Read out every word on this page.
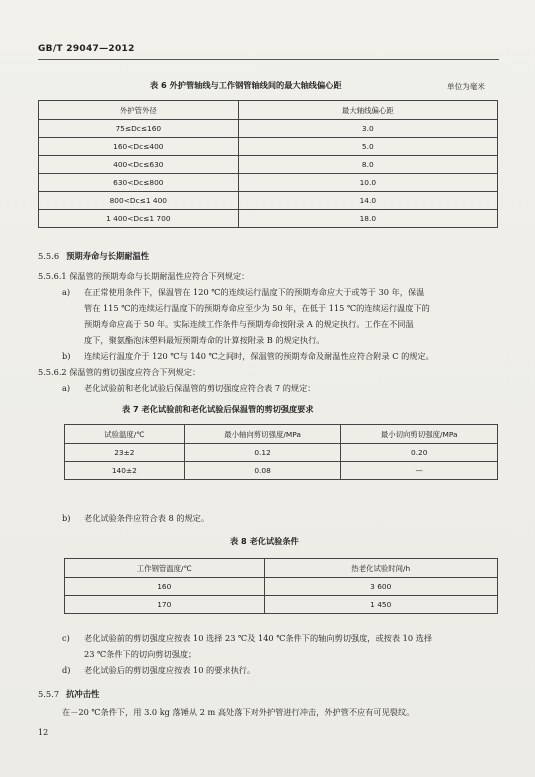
GB/T 29047—2012
表 6 外护管轴线与工作钢管轴线间的最大轴线偏心距	单位为毫米
外护管外径	最大轴线偏心距
75≤Dc≤160	3.0
160<Dc≤400	5.0
400<Dc≤630	8.0
630<Dc≤800	10.0
800<Dc≤1 400	14.0
1 400<Dc≤1 700	18.0
5.5.6 预期寿命与长期耐温性
5.5.6.1 保温管的预期寿命与长期耐温性应符合下列规定：
a) 在正常使用条件下，保温管在 120 ℃的连续运行温度下的预期寿命应大于或等于 30 年，保温
管在 115 ℃的连续运行温度下的预期寿命应至少为 50 年，在低于 115 ℃的连续运行温度下的
预期寿命应高于 50 年。实际连续工作条件与预期寿命按附录 A 的规定执行。工作在不同温
度下，聚氨酯泡沫塑料最短预期寿命的计算按附录 B 的规定执行。
b) 连续运行温度介于 120 ℃与 140 ℃之间时，保温管的预期寿命及耐温性应符合附录 C 的规定。
5.5.6.2 保温管的剪切强度应符合下列规定：
a) 老化试验前和老化试验后保温管的剪切强度应符合表 7 的规定：
表 7 老化试验前和老化试验后保温管的剪切强度要求
试验温度/℃	最小轴向剪切强度/MPa	最小切向剪切强度/MPa
23±2	0.12	0.20
140±2	0.08	—
b) 老化试验条件应符合表 8 的规定。
表 8 老化试验条件
工作钢管温度/℃	热老化试验时间/h
160	3 600
170	1 450
c) 老化试验前的剪切强度应按表 10 选择 23 ℃及 140 ℃条件下的轴向剪切强度，或按表 10 选择
23 ℃条件下的切向剪切强度；
d) 老化试验后的剪切强度应按表 10 的要求执行。
5.5.7 抗冲击性
在－20 ℃条件下，用 3.0 kg 落锤从 2 m 高处落下对外护管进行冲击，外护管不应有可见裂纹。
12
